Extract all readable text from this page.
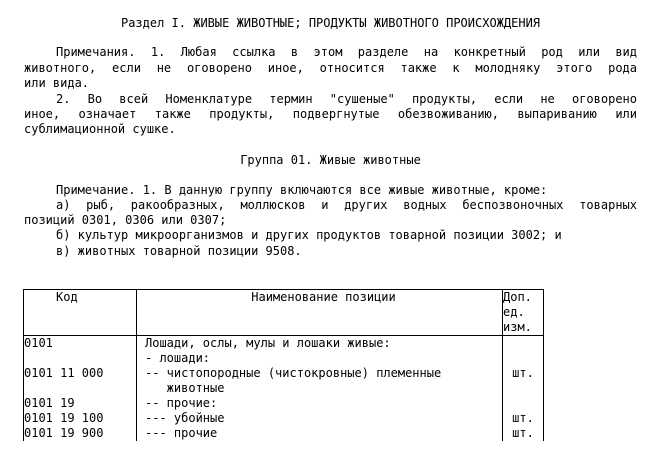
Раздел I. ЖИВЫЕ ЖИВОТНЫЕ; ПРОДУКТЫ ЖИВОТНОГО ПРОИСХОЖДЕНИЯ
Примечания. 1. Любая ссылка в этом разделе на конкретный род или вид
животного, если не оговорено иное, относится также к молодняку этого рода
или вида.
2. Во всей Номенклатуре термин "сушеные" продукты, если не оговорено
иное, означает также продукты, подвергнутые обезвоживанию, выпариванию или
сублимационной сушке.
Группа 01. Живые животные
Примечание. 1. В данную группу включаются все живые животные, кроме:
а) рыб, ракообразных, моллюсков и других водных беспозвоночных товарных
позиций 0301, 0306 или 0307;
б) культур микроорганизмов и других продуктов товарной позиции 3002; и
в) животных товарной позиции 9508.
Код	Наименование позиции	Доп. ед. изм.
0101	Лошади, ослы, мулы и лошаки живые:	
	- лошади:	
0101 11 000	-- чистопородные (чистокровные) племенные	шт.
	животные	
0101 19	-- прочие:	
0101 19 100	--- убойные	шт.
0101 19 900	--- прочие	шт.
